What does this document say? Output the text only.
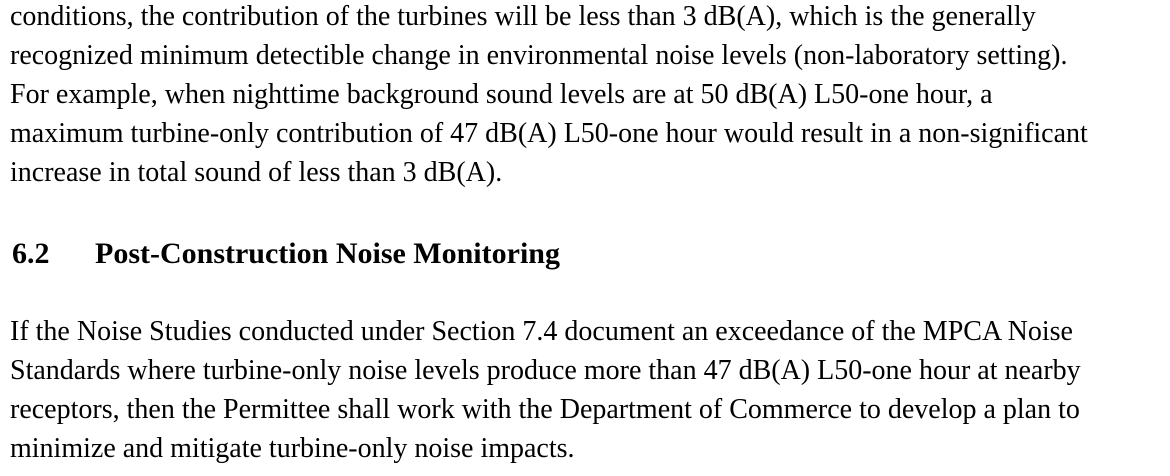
conditions, the contribution of the turbines will be less than 3 dB(A), which is the generally
recognized minimum detectible change in environmental noise levels (non-laboratory setting).
For example, when nighttime background sound levels are at 50 dB(A) L50-one hour, a
maximum turbine-only contribution of 47 dB(A) L50-one hour would result in a non-significant
increase in total sound of less than 3 dB(A).
6.2 Post-Construction Noise Monitoring
If the Noise Studies conducted under Section 7.4 document an exceedance of the MPCA Noise
Standards where turbine-only noise levels produce more than 47 dB(A) L50-one hour at nearby
receptors, then the Permittee shall work with the Department of Commerce to develop a plan to
minimize and mitigate turbine-only noise impacts.
